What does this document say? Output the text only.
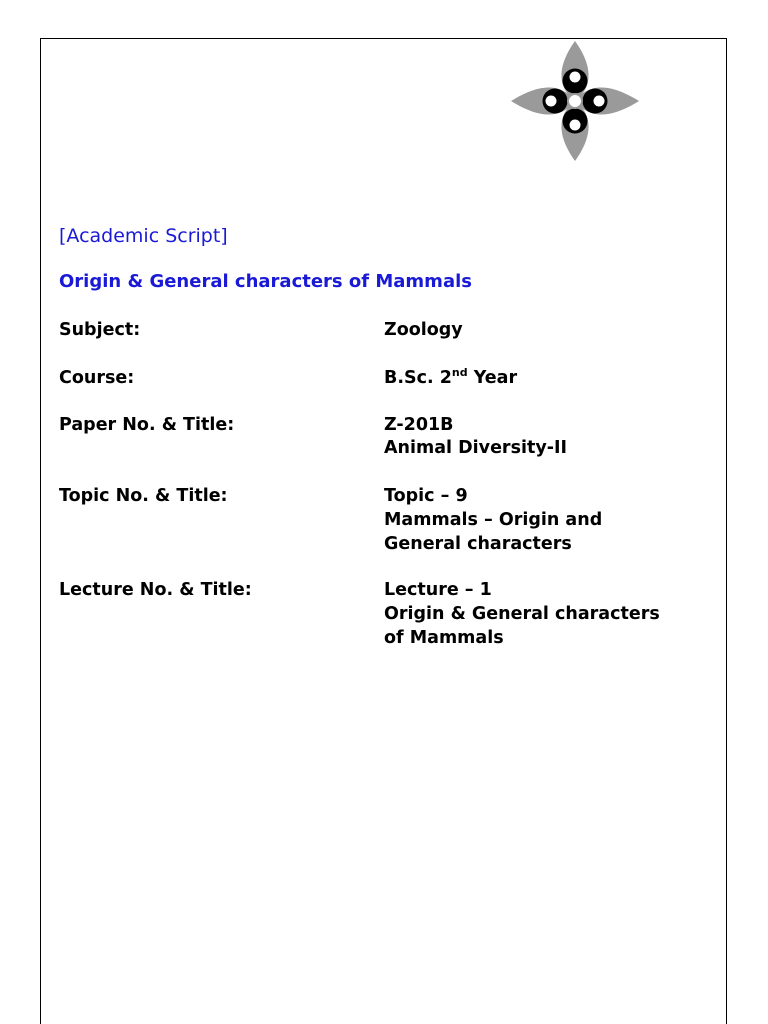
[Academic Script]
Origin & General characters of Mammals
Subject:	Zoology
Course:	B.Sc. 2nd Year
Paper No. & Title:	Z-201B
Animal Diversity-II
Topic No. & Title:	Topic – 9
Mammals – Origin and
General characters
Lecture No. & Title:	Lecture – 1
Origin & General characters
of Mammals
